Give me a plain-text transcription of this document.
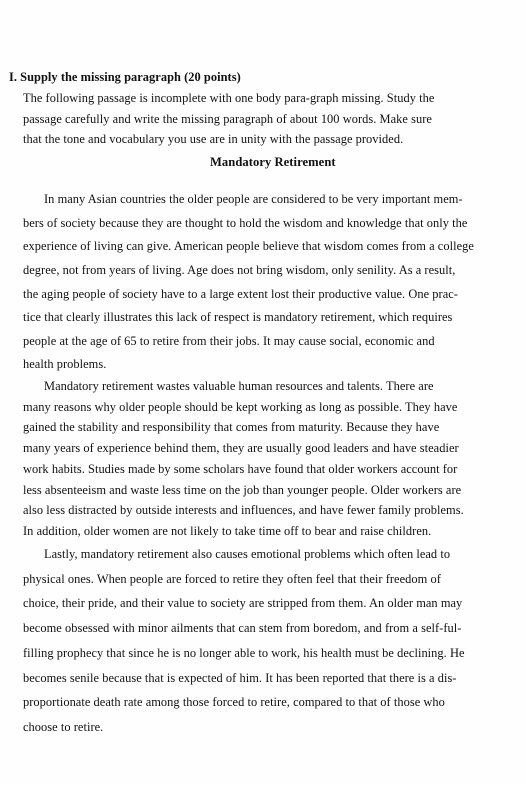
I. Supply the missing paragraph (20 points)
The following passage is incomplete with one body para-graph missing. Study the
passage carefully and write the missing paragraph of about 100 words. Make sure
that the tone and vocabulary you use are in unity with the passage provided.
Mandatory Retirement
In many Asian countries the older people are considered to be very important mem-
bers of society because they are thought to hold the wisdom and knowledge that only the
experience of living can give. American people believe that wisdom comes from a college
degree, not from years of living. Age does not bring wisdom, only senility. As a result,
the aging people of society have to a large extent lost their productive value. One prac-
tice that clearly illustrates this lack of respect is mandatory retirement, which requires
people at the age of 65 to retire from their jobs. It may cause social, economic and
health problems.
Mandatory retirement wastes valuable human resources and talents. There are
many reasons why older people should be kept working as long as possible. They have
gained the stability and responsibility that comes from maturity. Because they have
many years of experience behind them, they are usually good leaders and have steadier
work habits. Studies made by some scholars have found that older workers account for
less absenteeism and waste less time on the job than younger people. Older workers are
also less distracted by outside interests and influences, and have fewer family problems.
In addition, older women are not likely to take time off to bear and raise children.
Lastly, mandatory retirement also causes emotional problems which often lead to
physical ones. When people are forced to retire they often feel that their freedom of
choice, their pride, and their value to society are stripped from them. An older man may
become obsessed with minor ailments that can stem from boredom, and from a self-ful-
filling prophecy that since he is no longer able to work, his health must be declining. He
becomes senile because that is expected of him. It has been reported that there is a dis-
proportionate death rate among those forced to retire, compared to that of those who
choose to retire.
